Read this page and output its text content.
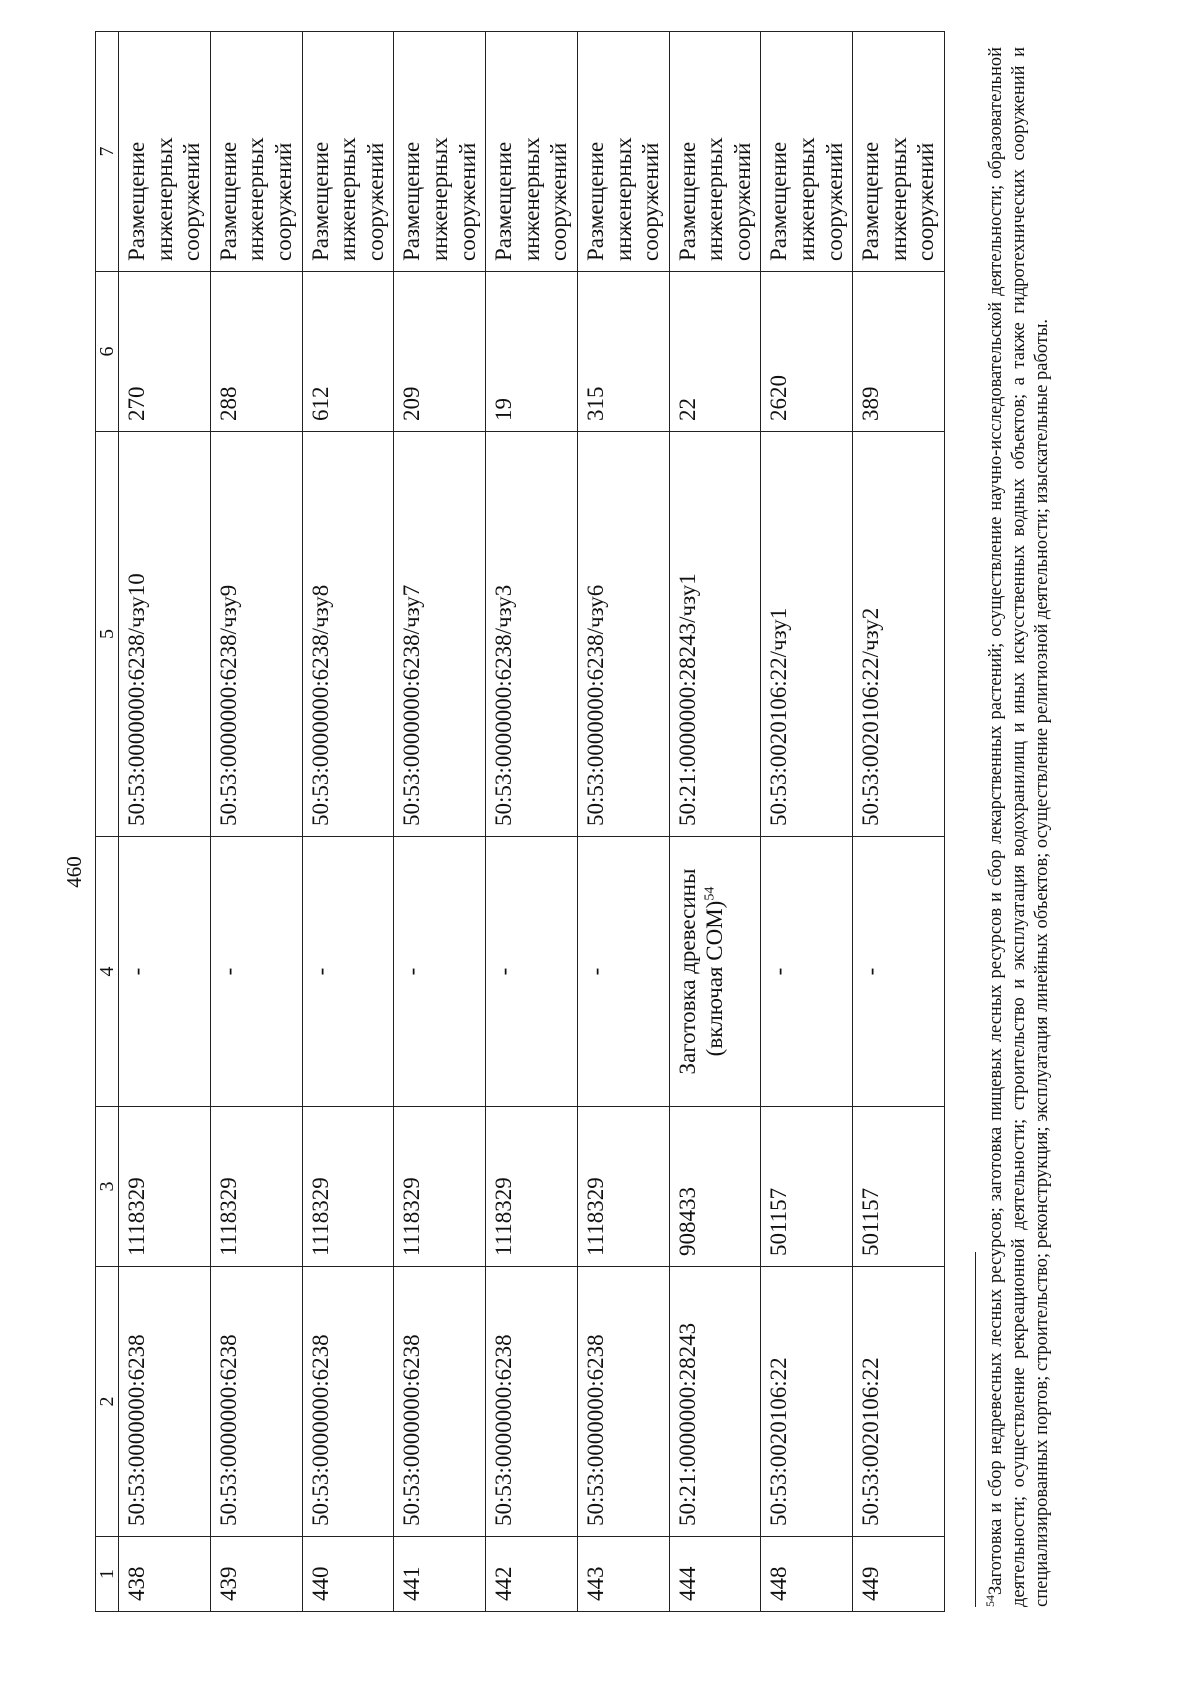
460
1	2	3	4	5	6	7
438	50:53:0000000:6238	1118329	-	50:53:0000000:6238/чзу10	270	Размещение инженерных сооружений
439	50:53:0000000:6238	1118329	-	50:53:0000000:6238/чзу9	288	Размещение инженерных сооружений
440	50:53:0000000:6238	1118329	-	50:53:0000000:6238/чзу8	612	Размещение инженерных сооружений
441	50:53:0000000:6238	1118329	-	50:53:0000000:6238/чзу7	209	Размещение инженерных сооружений
442	50:53:0000000:6238	1118329	-	50:53:0000000:6238/чзу3	19	Размещение инженерных сооружений
443	50:53:0000000:6238	1118329	-	50:53:0000000:6238/чзу6	315	Размещение инженерных сооружений
444	50:21:0000000:28243	908433	Заготовка древесины (включая СОМ)$^{54}$	50:21:0000000:28243/чзу1	22	Размещение инженерных сооружений
448	50:53:0020106:22	501157	-	50:53:0020106:22/чзу1	2620	Размещение инженерных сооружений
449	50:53:0020106:22	501157	-	50:53:0020106:22/чзу2	389	Размещение инженерных сооружений
$^{54}$Заготовка и сбор недревесных лесных ресурсов; заготовка пищевых лесных ресурсов и сбор лекарственных растений; осуществление научно-исследовательской деятельности; образовательной деятельности; осуществление рекреационной деятельности; строительство и эксплуатация водохранилищ и иных искусственных водных объектов; а также гидротехнических сооружений и специализированных портов; строительство; реконструкция; эксплуатация линейных объектов; осуществление религиозной деятельности; изыскательные работы.
